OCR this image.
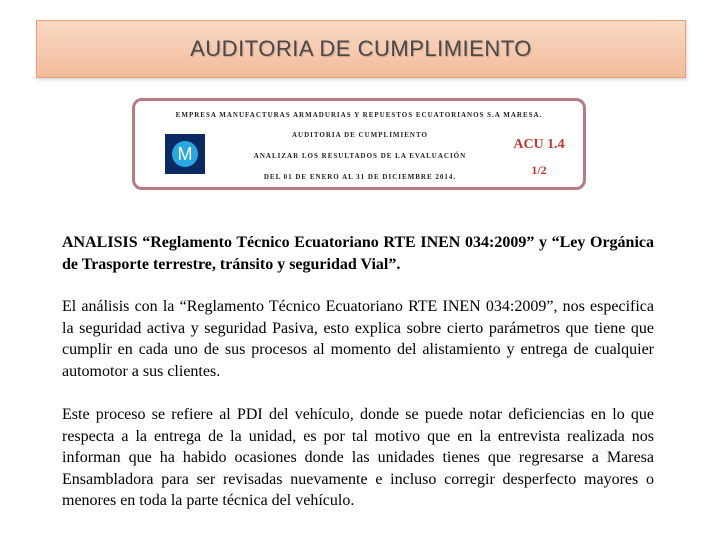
AUDITORIA DE CUMPLIMIENTO
EMPRESA MANUFACTURAS ARMADURIAS Y REPUESTOS ECUATORIANOS S.A MARESA.
M
AUDITORIA DE CUMPLIMIENTO
ANALIZAR LOS RESULTADOS DE LA EVALUACIÓN
DEL 01 DE ENERO AL 31 DE DICIEMBRE 2014.
ACU 1.4
1/2
ANALISIS “Reglamento Técnico Ecuatoriano RTE INEN 034:2009” y “Ley Orgánica de Trasporte terrestre, tránsito y seguridad Vial”.
El análisis con la “Reglamento Técnico Ecuatoriano RTE INEN 034:2009”, nos especifica la seguridad activa y seguridad Pasiva, esto explica sobre cierto parámetros que tiene que cumplir en cada uno de sus procesos al momento del alistamiento y entrega de cualquier automotor a sus clientes.
Este proceso se refiere al PDI del vehículo, donde se puede notar deficiencias en lo que respecta a la entrega de la unidad, es por tal motivo que en la entrevista realizada nos informan que ha habido ocasiones donde las unidades tienes que regresarse a Maresa Ensambladora para ser revisadas nuevamente e incluso corregir desperfecto mayores o menores en toda la parte técnica del vehículo.
